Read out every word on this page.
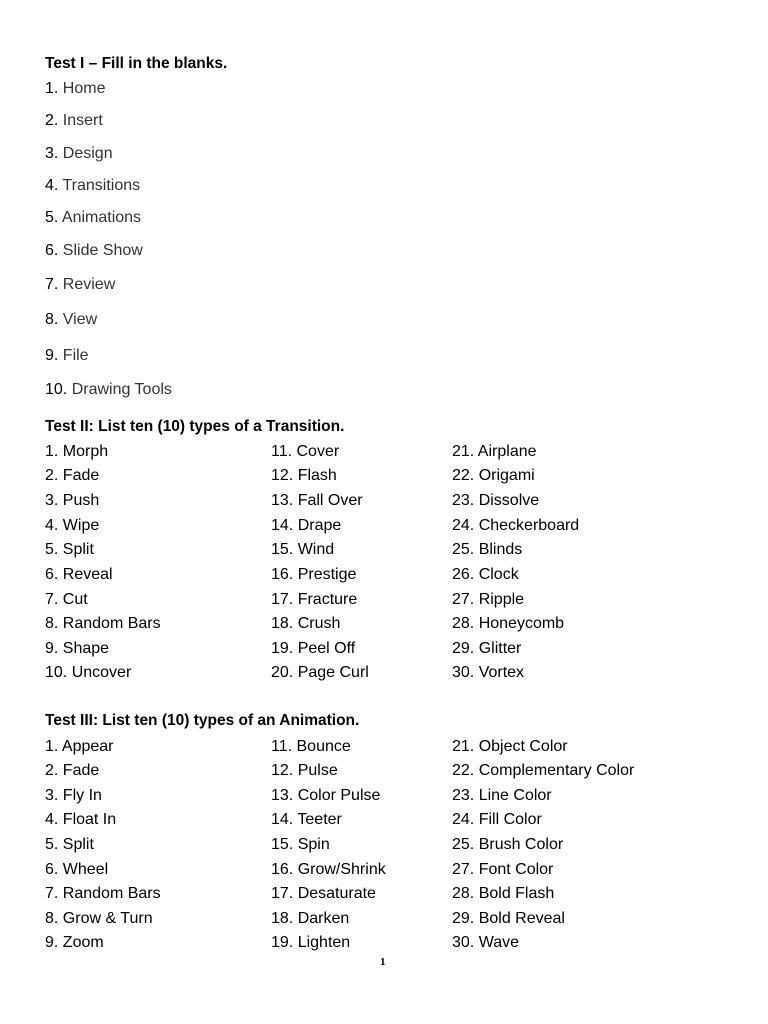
Test I – Fill in the blanks.
1. Home
2. Insert
3. Design
4. Transitions
5. Animations
6. Slide Show
7. Review
8. View
9. File
10. Drawing Tools
Test II: List ten (10) types of a Transition.
1. Morph
2. Fade
3. Push
4. Wipe
5. Split
6. Reveal
7. Cut
8. Random Bars
9. Shape
10. Uncover
11. Cover
12. Flash
13. Fall Over
14. Drape
15. Wind
16. Prestige
17. Fracture
18. Crush
19. Peel Off
20. Page Curl
21. Airplane
22. Origami
23. Dissolve
24. Checkerboard
25. Blinds
26. Clock
27. Ripple
28. Honeycomb
29. Glitter
30. Vortex
Test III: List ten (10) types of an Animation.
1. Appear
2. Fade
3. Fly In
4. Float In
5. Split
6. Wheel
7. Random Bars
8. Grow & Turn
9. Zoom
11. Bounce
12. Pulse
13. Color Pulse
14. Teeter
15. Spin
16. Grow/Shrink
17. Desaturate
18. Darken
19. Lighten
21. Object Color
22. Complementary Color
23. Line Color
24. Fill Color
25. Brush Color
27. Font Color
28. Bold Flash
29. Bold Reveal
30. Wave
1
